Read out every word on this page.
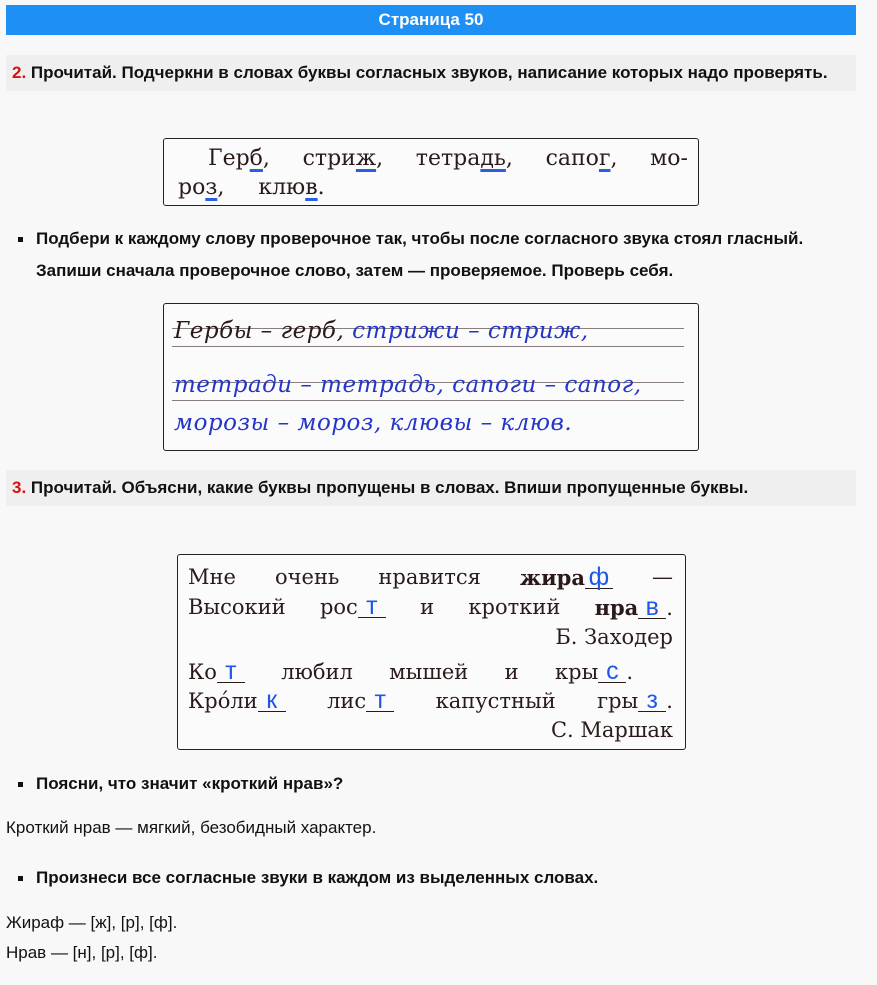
Страница 50
2. Прочитай. Подчеркни в словах буквы согласных звуков, написание которых надо проверять.
Герб, стриж, тетрадь, сапог, мо-
роз, клюв.
Подбери к каждому слову проверочное так, чтобы после согласного звука стоял гласный. Запиши сначала проверочное слово, затем — проверяемое. Проверь себя.
Гербы – герб, стрижи – стриж,
тетради – тетрадь, сапоги – сапог,
морозы – мороз, клювы – клюв.
3. Прочитай. Объясни, какие буквы пропущены в словах. Впиши пропущенные буквы.
Мне очень нравится жира ф —
Высокий рос т	и кроткий нра в .
Б. Заходер
Ко т	любил мышей и кры с .
Кро́ли к	лис т	капустный гры з .
С. Маршак
Поясни, что значит «кроткий нрав»?
Кроткий нрав — мягкий, безобидный характер.
Произнеси все согласные звуки в каждом из выделенных словах.
Жираф — [ж], [р], [ф].
Нрав — [н], [р], [ф].
